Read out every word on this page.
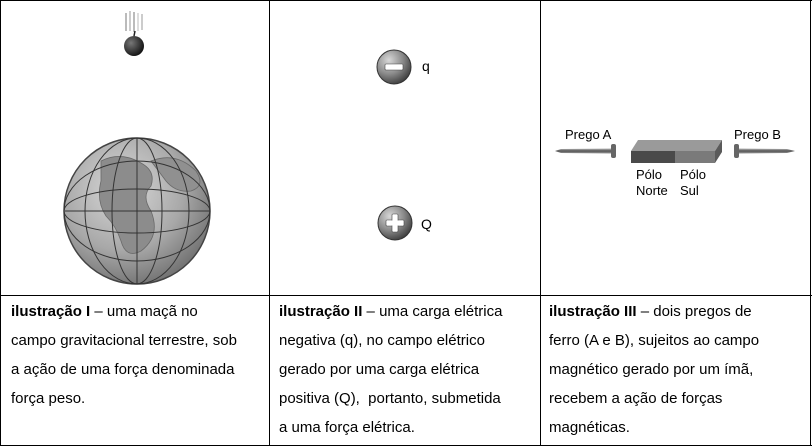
q
Q
Prego A	Prego B
Pólo
Norte
Pólo
Sul
ilustração I – uma maçã no
campo gravitacional terrestre, sob
a ação de uma força denominada
força peso.
ilustração II – uma carga elétrica
negativa (q), no campo elétrico
gerado por uma carga elétrica
positiva (Q),  portanto, submetida
a uma força elétrica.
ilustração III – dois pregos de
ferro (A e B), sujeitos ao campo
magnético gerado por um ímã,
recebem a ação de forças
magnéticas.
